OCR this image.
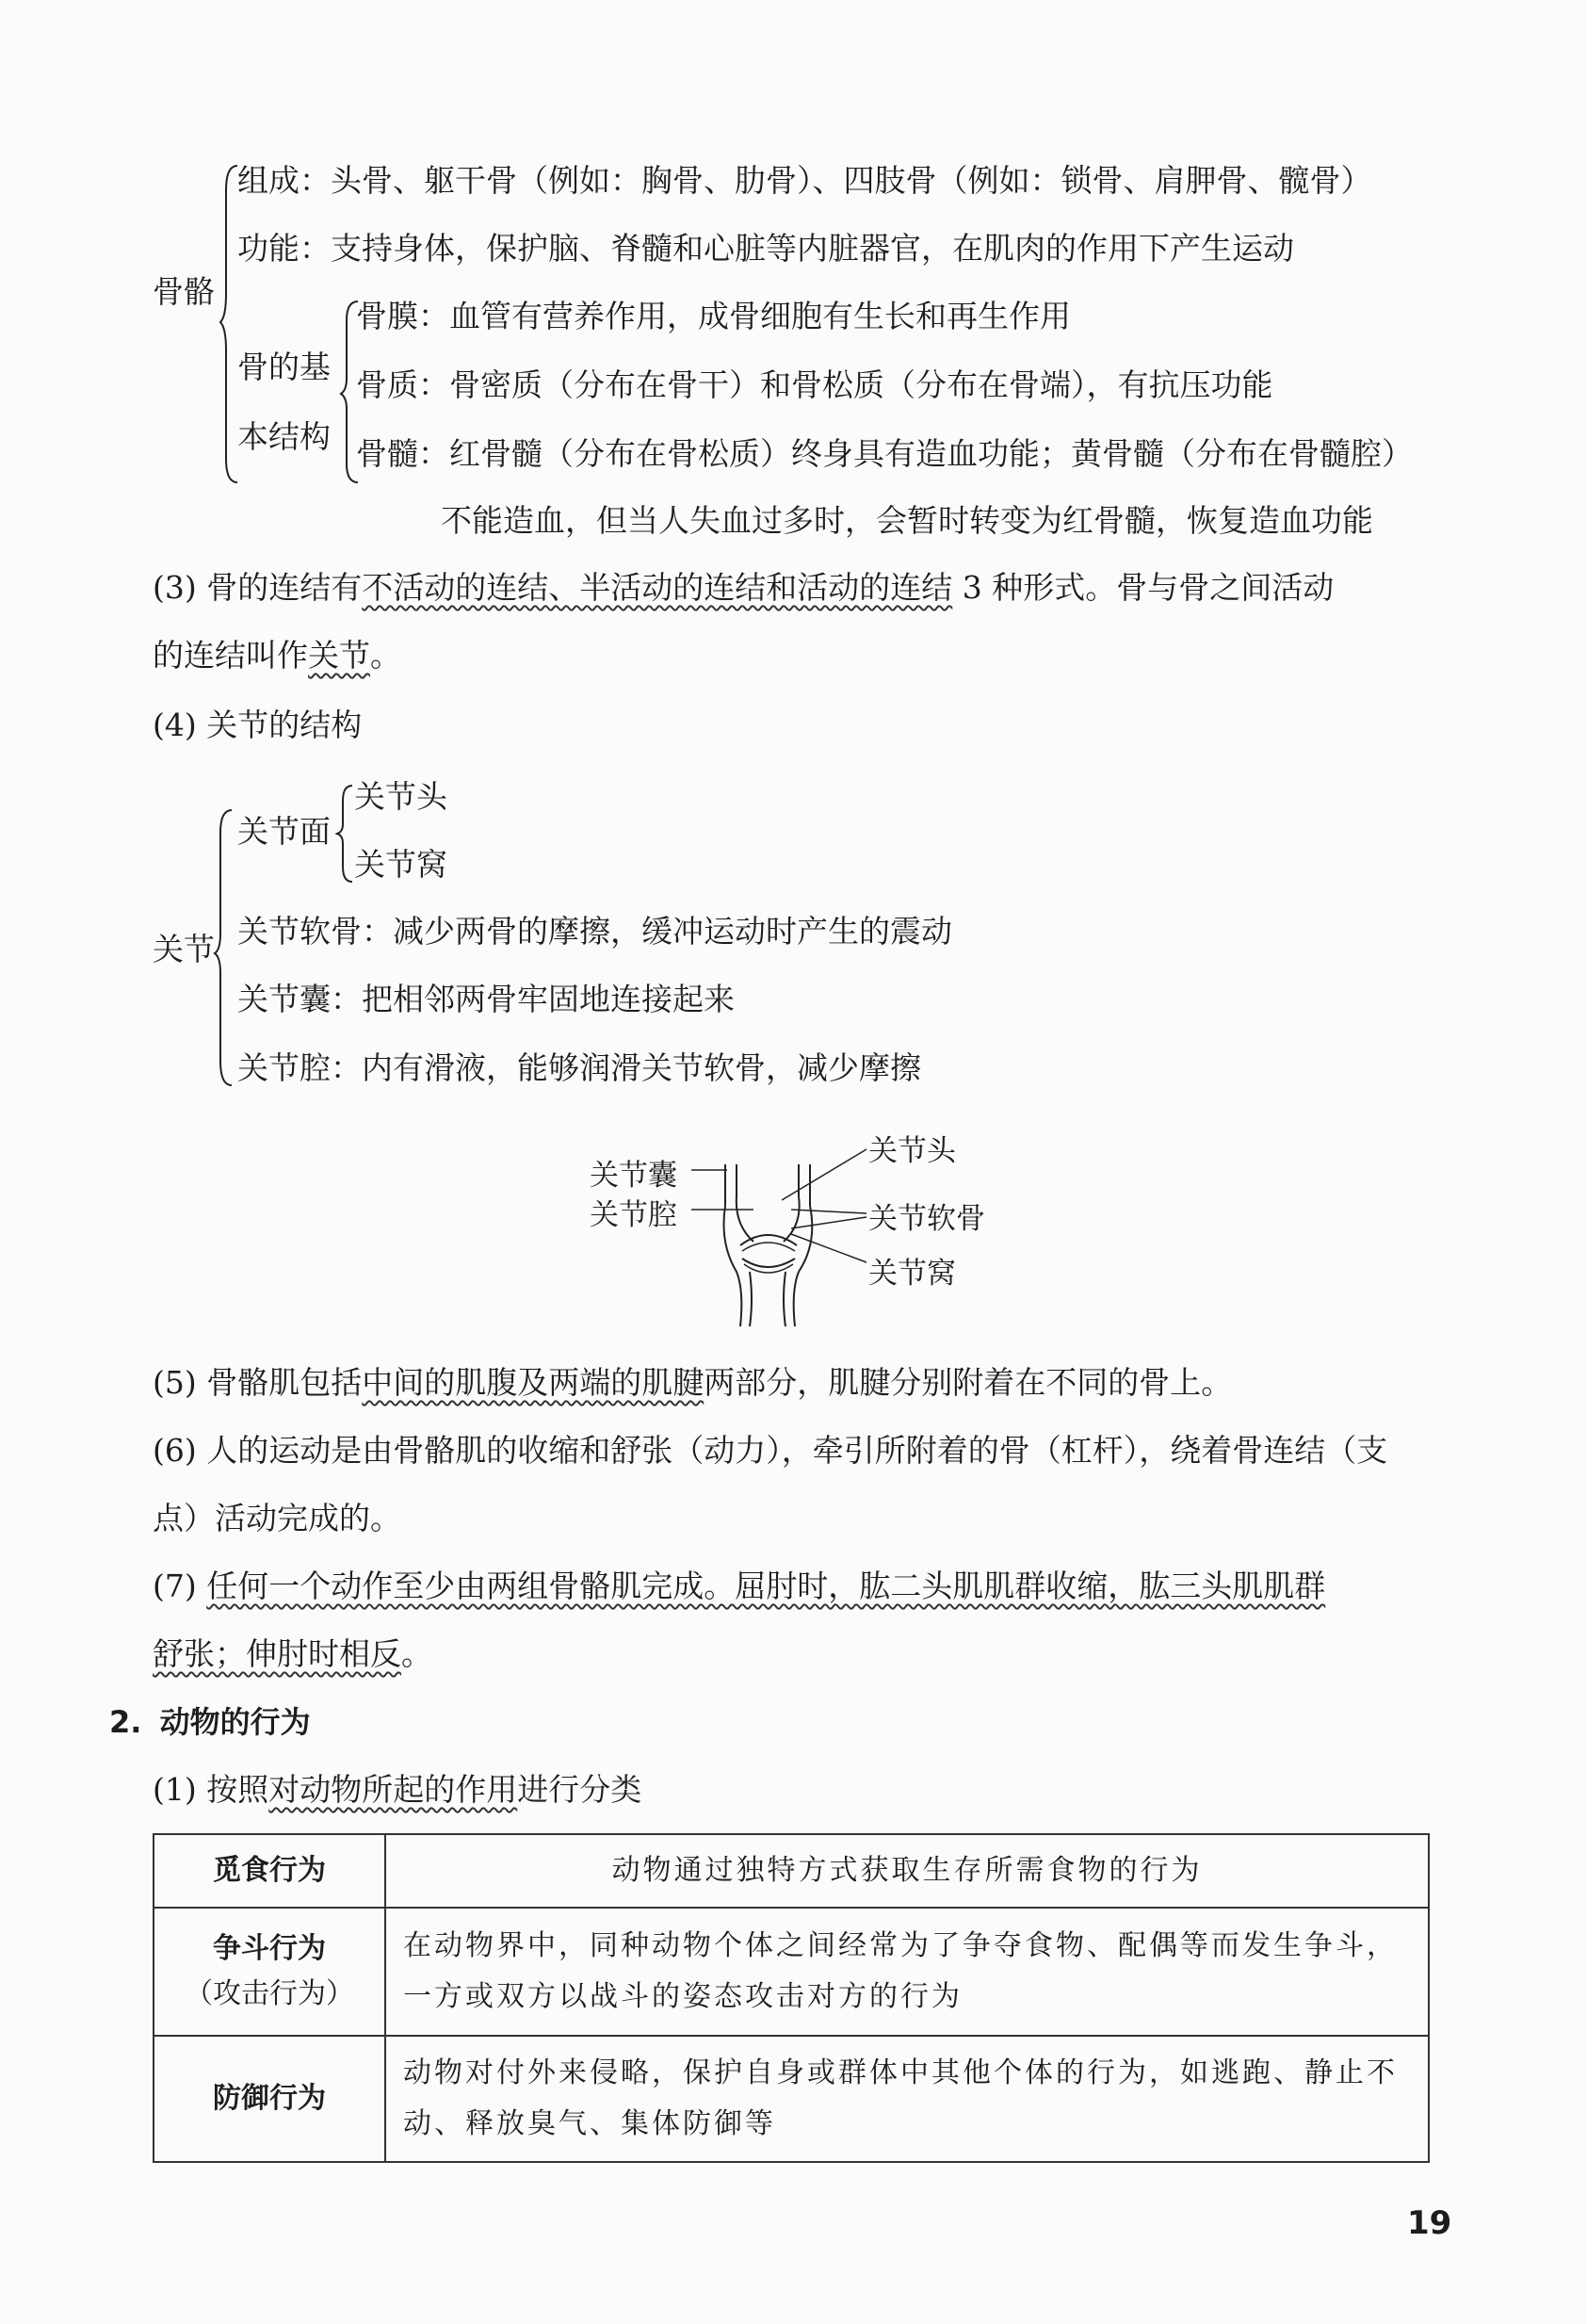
骨骼
组成：头骨、躯干骨（例如：胸骨、肋骨）、四肢骨（例如：锁骨、肩胛骨、髋骨）
功能：支持身体，保护脑、脊髓和心脏等内脏器官，在肌肉的作用下产生运动
骨的基
本结构
骨膜：血管有营养作用，成骨细胞有生长和再生作用
骨质：骨密质（分布在骨干）和骨松质（分布在骨端），有抗压功能
骨髓：红骨髓（分布在骨松质）终身具有造血功能；黄骨髓（分布在骨髓腔）
不能造血，但当人失血过多时，会暂时转变为红骨髓，恢复造血功能
(3) 骨的连结有不活动的连结、半活动的连结和活动的连结 3 种形式。骨与骨之间活动
的连结叫作关节。
(4) 关节的结构
关节
关节面
关节头
关节窝
关节软骨：减少两骨的摩擦，缓冲运动时产生的震动
关节囊：把相邻两骨牢固地连接起来
关节腔：内有滑液，能够润滑关节软骨，减少摩擦
关节囊
关节腔
关节头
关节软骨
关节窝
(5) 骨骼肌包括中间的肌腹及两端的肌腱两部分，肌腱分别附着在不同的骨上。
(6) 人的运动是由骨骼肌的收缩和舒张（动力），牵引所附着的骨（杠杆），绕着骨连结（支
点）活动完成的。
(7) 任何一个动作至少由两组骨骼肌完成。屈肘时，肱二头肌肌群收缩，肱三头肌肌群
舒张；伸肘时相反。
2. 动物的行为
(1) 按照对动物所起的作用进行分类
觅食行为	动物通过独特方式获取生存所需食物的行为

争斗行为
（攻击行为）	在动物界中，同种动物个体之间经常为了争夺食物、配偶等而发生争斗，一方或双方以战斗的姿态攻击对方的行为
防御行为	动物对付外来侵略，保护自身或群体中其他个体的行为，如逃跑、静止不动、释放臭气、集体防御等
19
